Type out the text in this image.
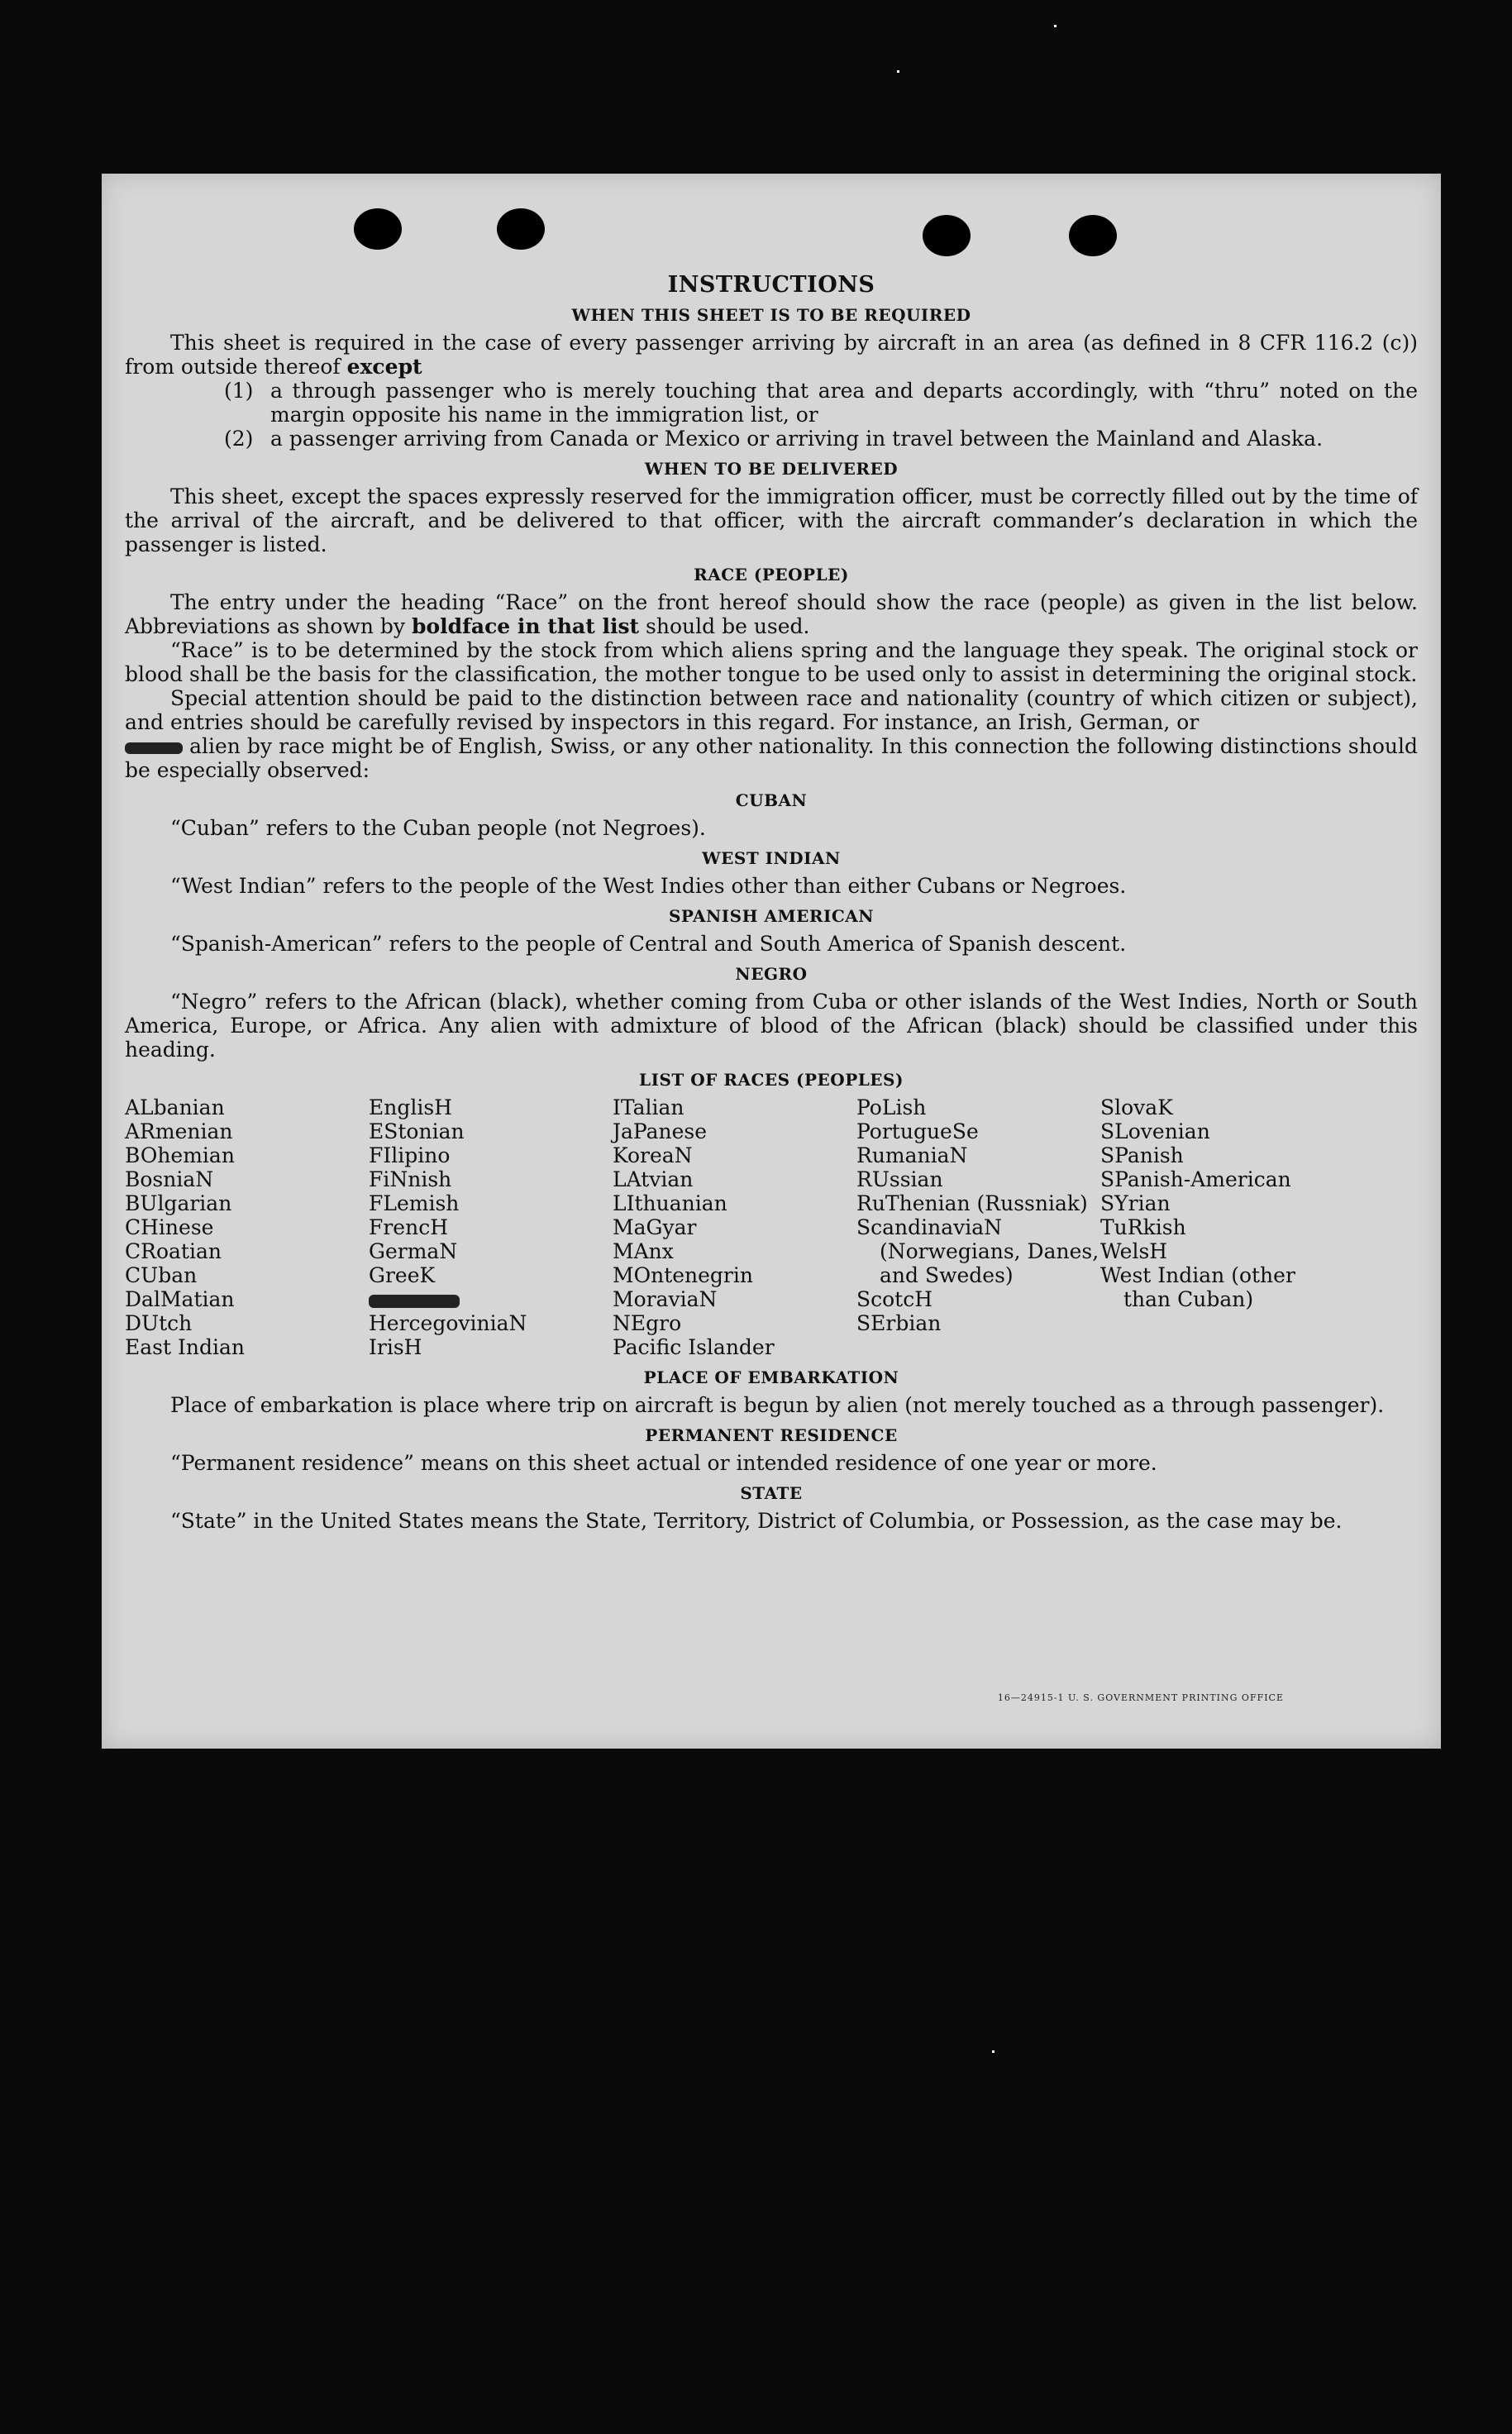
INSTRUCTIONS
WHEN THIS SHEET IS TO BE REQUIRED

This sheet is required in the case of every passenger arriving by aircraft in an area (as defined in 8 CFR 116.2 (c)) from outside thereof except

(1) a through passenger who is merely touching that area and departs accordingly, with “thru” noted on the margin opposite his name in the immigration list, or
(2) a passenger arriving from Canada or Mexico or arriving in travel between the Mainland and Alaska.
WHEN TO BE DELIVERED

This sheet, except the spaces expressly reserved for the immigration officer, must be correctly filled out by the time of the arrival of the aircraft, and be delivered to that officer, with the aircraft commander’s declaration in which the passenger is listed.

RACE (PEOPLE)

The entry under the heading “Race” on the front hereof should show the race (people) as given in the list below. Abbreviations as shown by boldface in that list should be used.

“Race” is to be determined by the stock from which aliens spring and the language they speak. The original stock or blood shall be the basis for the classification, the mother tongue to be used only to assist in determining the original stock.

Special attention should be paid to the distinction between race and nationality (country of which citizen or subject), and entries should be carefully revised by inspectors in this regard. For instance, an Irish, German, or
alien by race might be of English, Swiss, or any other nationality. In this connection the following distinctions should be especially observed:

CUBAN

“Cuban” refers to the Cuban people (not Negroes).

WEST INDIAN

“West Indian” refers to the people of the West Indies other than either Cubans or Negroes.

SPANISH AMERICAN

“Spanish-American” refers to the people of Central and South America of Spanish descent.

NEGRO

“Negro” refers to the African (black), whether coming from Cuba or other islands of the West Indies, North or South America, Europe, or Africa. Any alien with admixture of blood of the African (black) should be classified under this heading.

LIST OF RACES (PEOPLES)
ALbanian
ARmenian
BOhemian
BosniaN
BUlgarian
CHinese
CRoatian
CUban
DalMatian
DUtch
East Indian
EnglisH
EStonian
FIlipino
FiNnish
FLemish
FrencH
GermaN
GreeK
HercegoviniaN
IrisH
ITalian
JaPanese
KoreaN
LAtvian
LIthuanian
MaGyar
MAnx
MOntenegrin
MoraviaN
NEgro
Pacific Islander
PoLish
PortugueSe
RumaniaN
RUssian
RuThenian (Russniak)
ScandinaviaN (Norwegians, Danes, and Swedes)
ScotcH
SErbian
SlovaK
SLovenian
SPanish
SPanish-American
SYrian
TuRkish
WelsH
West Indian (other than Cuban)
PLACE OF EMBARKATION

Place of embarkation is place where trip on aircraft is begun by alien (not merely touched as a through passenger).

PERMANENT RESIDENCE

“Permanent residence” means on this sheet actual or intended residence of one year or more.

STATE

“State” in the United States means the State, Territory, District of Columbia, or Possession, as the case may be.

16—24915-1 U. S. GOVERNMENT PRINTING OFFICE
